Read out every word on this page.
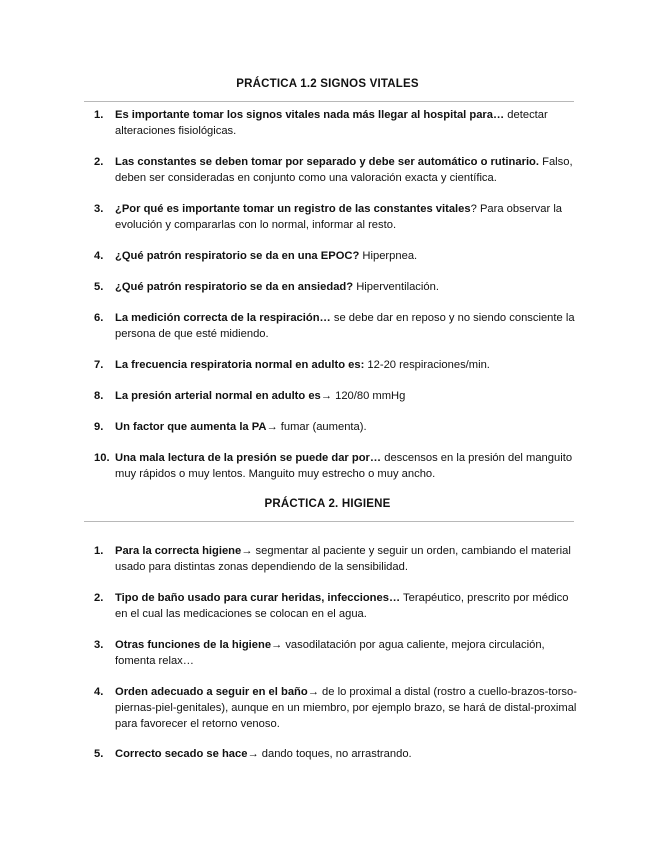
PRÁCTICA 1.2 SIGNOS VITALES
1. Es importante tomar los signos vitales nada más llegar al hospital para… detectar alteraciones fisiológicas.
2. Las constantes se deben tomar por separado y debe ser automático o rutinario. Falso, deben ser consideradas en conjunto como una valoración exacta y científica.
3. ¿Por qué es importante tomar un registro de las constantes vitales? Para observar la evolución y compararlas con lo normal, informar al resto.
4. ¿Qué patrón respiratorio se da en una EPOC? Hiperpnea.
5. ¿Qué patrón respiratorio se da en ansiedad? Hiperventilación.
6. La medición correcta de la respiración… se debe dar en reposo y no siendo consciente la persona de que esté midiendo.
7. La frecuencia respiratoria normal en adulto es: 12-20 respiraciones/min.
8. La presión arterial normal en adulto es→ 120/80 mmHg
9. Un factor que aumenta la PA→ fumar (aumenta).
10. Una mala lectura de la presión se puede dar por… descensos en la presión del manguito muy rápidos o muy lentos. Manguito muy estrecho o muy ancho.
PRÁCTICA 2. HIGIENE
1. Para la correcta higiene→ segmentar al paciente y seguir un orden, cambiando el material usado para distintas zonas dependiendo de la sensibilidad.
2. Tipo de baño usado para curar heridas, infecciones… Terapéutico, prescrito por médico en el cual las medicaciones se colocan en el agua.
3. Otras funciones de la higiene→ vasodilatación por agua caliente, mejora circulación, fomenta relax…
4. Orden adecuado a seguir en el baño→ de lo proximal a distal (rostro a cuello-brazos-torso-piernas-piel-genitales), aunque en un miembro, por ejemplo brazo, se hará de distal-proximal para favorecer el retorno venoso.
5. Correcto secado se hace→ dando toques, no arrastrando.
